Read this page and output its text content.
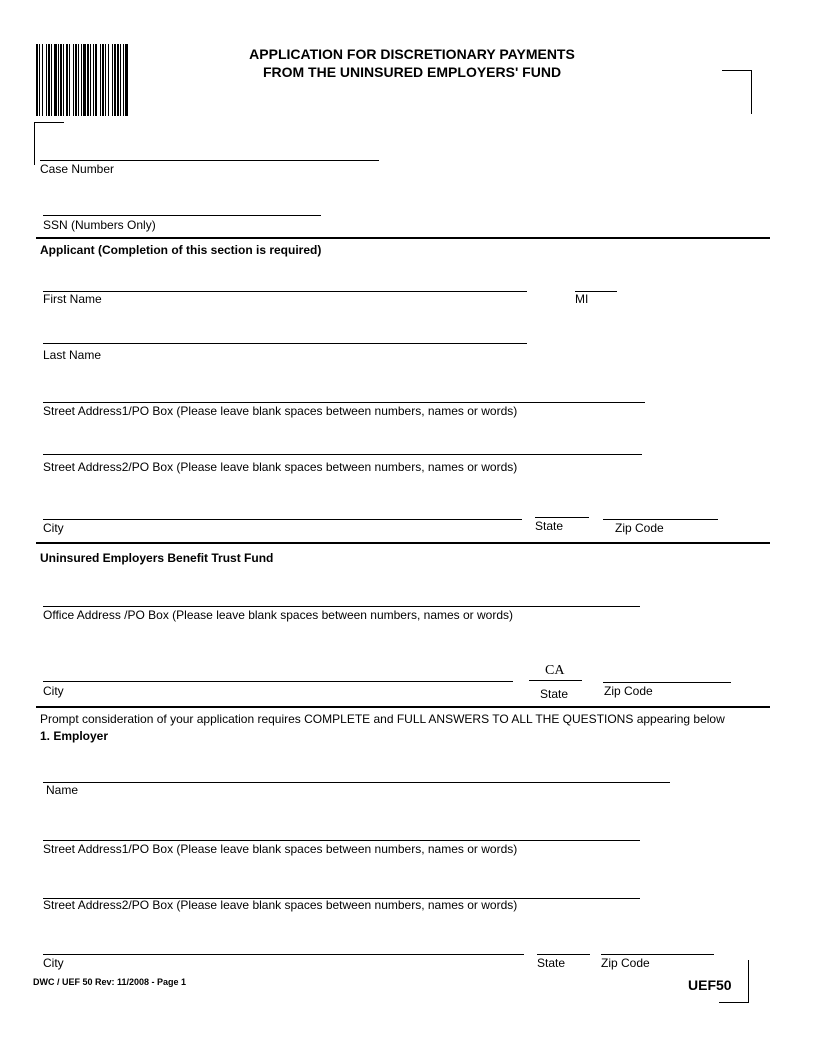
APPLICATION FOR DISCRETIONARY PAYMENTS
FROM THE UNINSURED EMPLOYERS' FUND
Case Number
SSN (Numbers Only)
Applicant (Completion of this section is required)
First Name	MI
Last Name
Street Address1/PO Box (Please leave blank spaces between numbers, names or words)
Street Address2/PO Box (Please leave blank spaces between numbers, names or words)
City	State	Zip Code
Uninsured Employers Benefit Trust Fund
Office Address /PO Box (Please leave blank spaces between numbers, names or words)
CA
City	State	Zip Code
Prompt consideration of your application requires COMPLETE and FULL ANSWERS TO ALL THE QUESTIONS appearing below
1. Employer
Name
Street Address1/PO Box (Please leave blank spaces between numbers, names or words)
Street Address2/PO Box (Please leave blank spaces between numbers, names or words)
City	State	Zip Code
DWC / UEF 50 Rev: 11/2008 - Page 1	UEF50
